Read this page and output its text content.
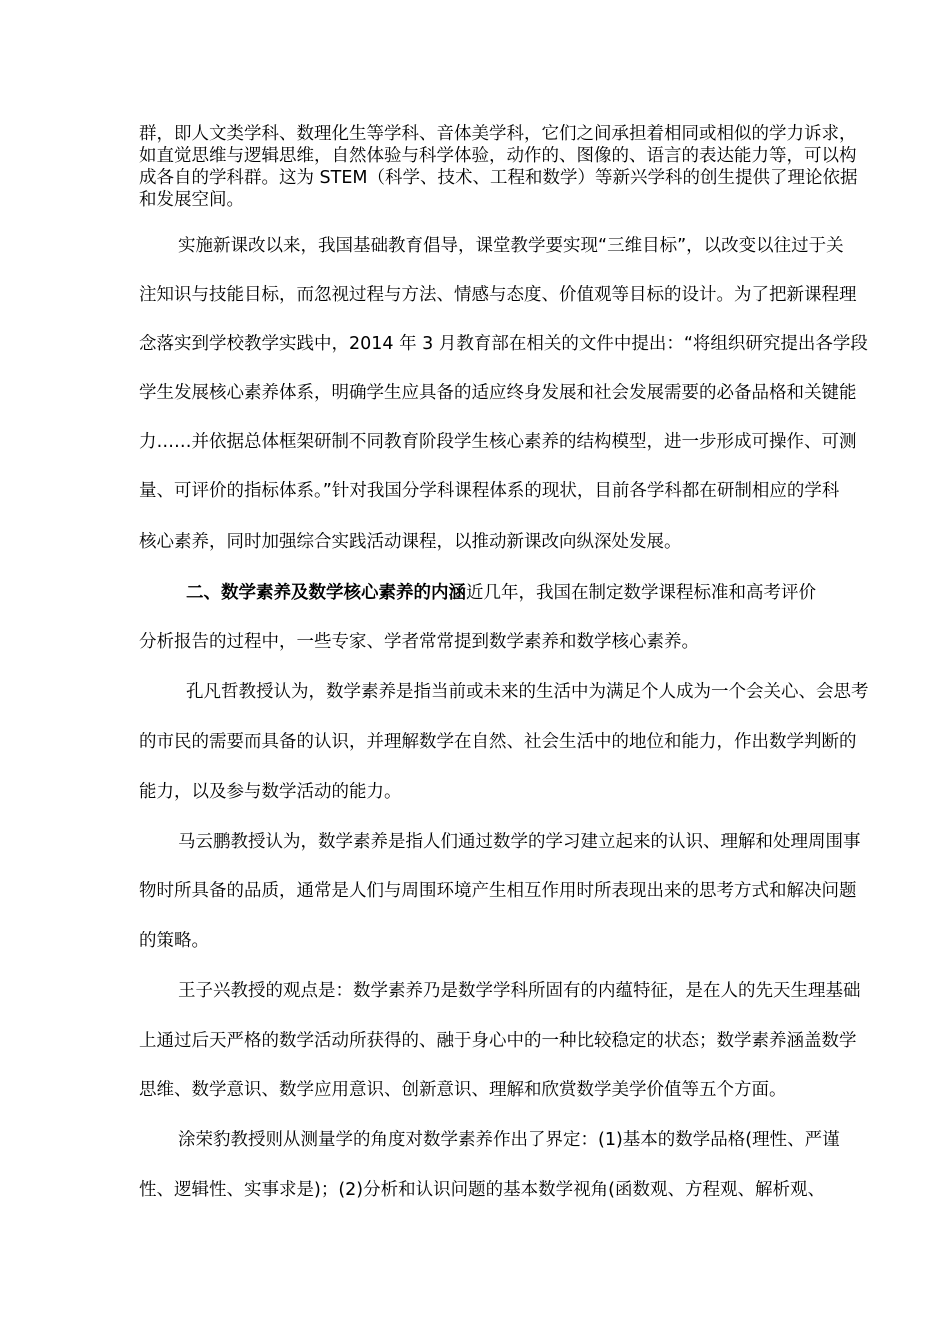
群，即人文类学科、数理化生等学科、音体美学科，它们之间承担着相同或相似的学力诉求，
如直觉思维与逻辑思维，自然体验与科学体验，动作的、图像的、语言的表达能力等，可以构
成各自的学科群。这为 STEM（科学、技术、工程和数学）等新兴学科的创生提供了理论依据
和发展空间。
实施新课改以来，我国基础教育倡导，课堂教学要实现“三维目标”，以改变以往过于关
注知识与技能目标，而忽视过程与方法、情感与态度、价值观等目标的设计。为了把新课程理
念落实到学校教学实践中，2014 年 3 月教育部在相关的文件中提出：“将组织研究提出各学段
学生发展核心素养体系，明确学生应具备的适应终身发展和社会发展需要的必备品格和关键能
力……并依据总体框架研制不同教育阶段学生核心素养的结构模型，进一步形成可操作、可测
量、可评价的指标体系。”针对我国分学科课程体系的现状，目前各学科都在研制相应的学科
核心素养，同时加强综合实践活动课程，以推动新课改向纵深处发展。
二、数学素养及数学核心素养的内涵近几年，我国在制定数学课程标准和高考评价
分析报告的过程中，一些专家、学者常常提到数学素养和数学核心素养。
孔凡哲教授认为，数学素养是指当前或未来的生活中为满足个人成为一个会关心、会思考
的市民的需要而具备的认识，并理解数学在自然、社会生活中的地位和能力，作出数学判断的
能力，以及参与数学活动的能力。
马云鹏教授认为，数学素养是指人们通过数学的学习建立起来的认识、理解和处理周围事
物时所具备的品质，通常是人们与周围环境产生相互作用时所表现出来的思考方式和解决问题
的策略。
王子兴教授的观点是：数学素养乃是数学学科所固有的内蕴特征，是在人的先天生理基础
上通过后天严格的数学活动所获得的、融于身心中的一种比较稳定的状态；数学素养涵盖数学
思维、数学意识、数学应用意识、创新意识、理解和欣赏数学美学价值等五个方面。
涂荣豹教授则从测量学的角度对数学素养作出了界定：(1)基本的数学品格(理性、严谨
性、逻辑性、实事求是)；(2)分析和认识问题的基本数学视角(函数观、方程观、解析观、
